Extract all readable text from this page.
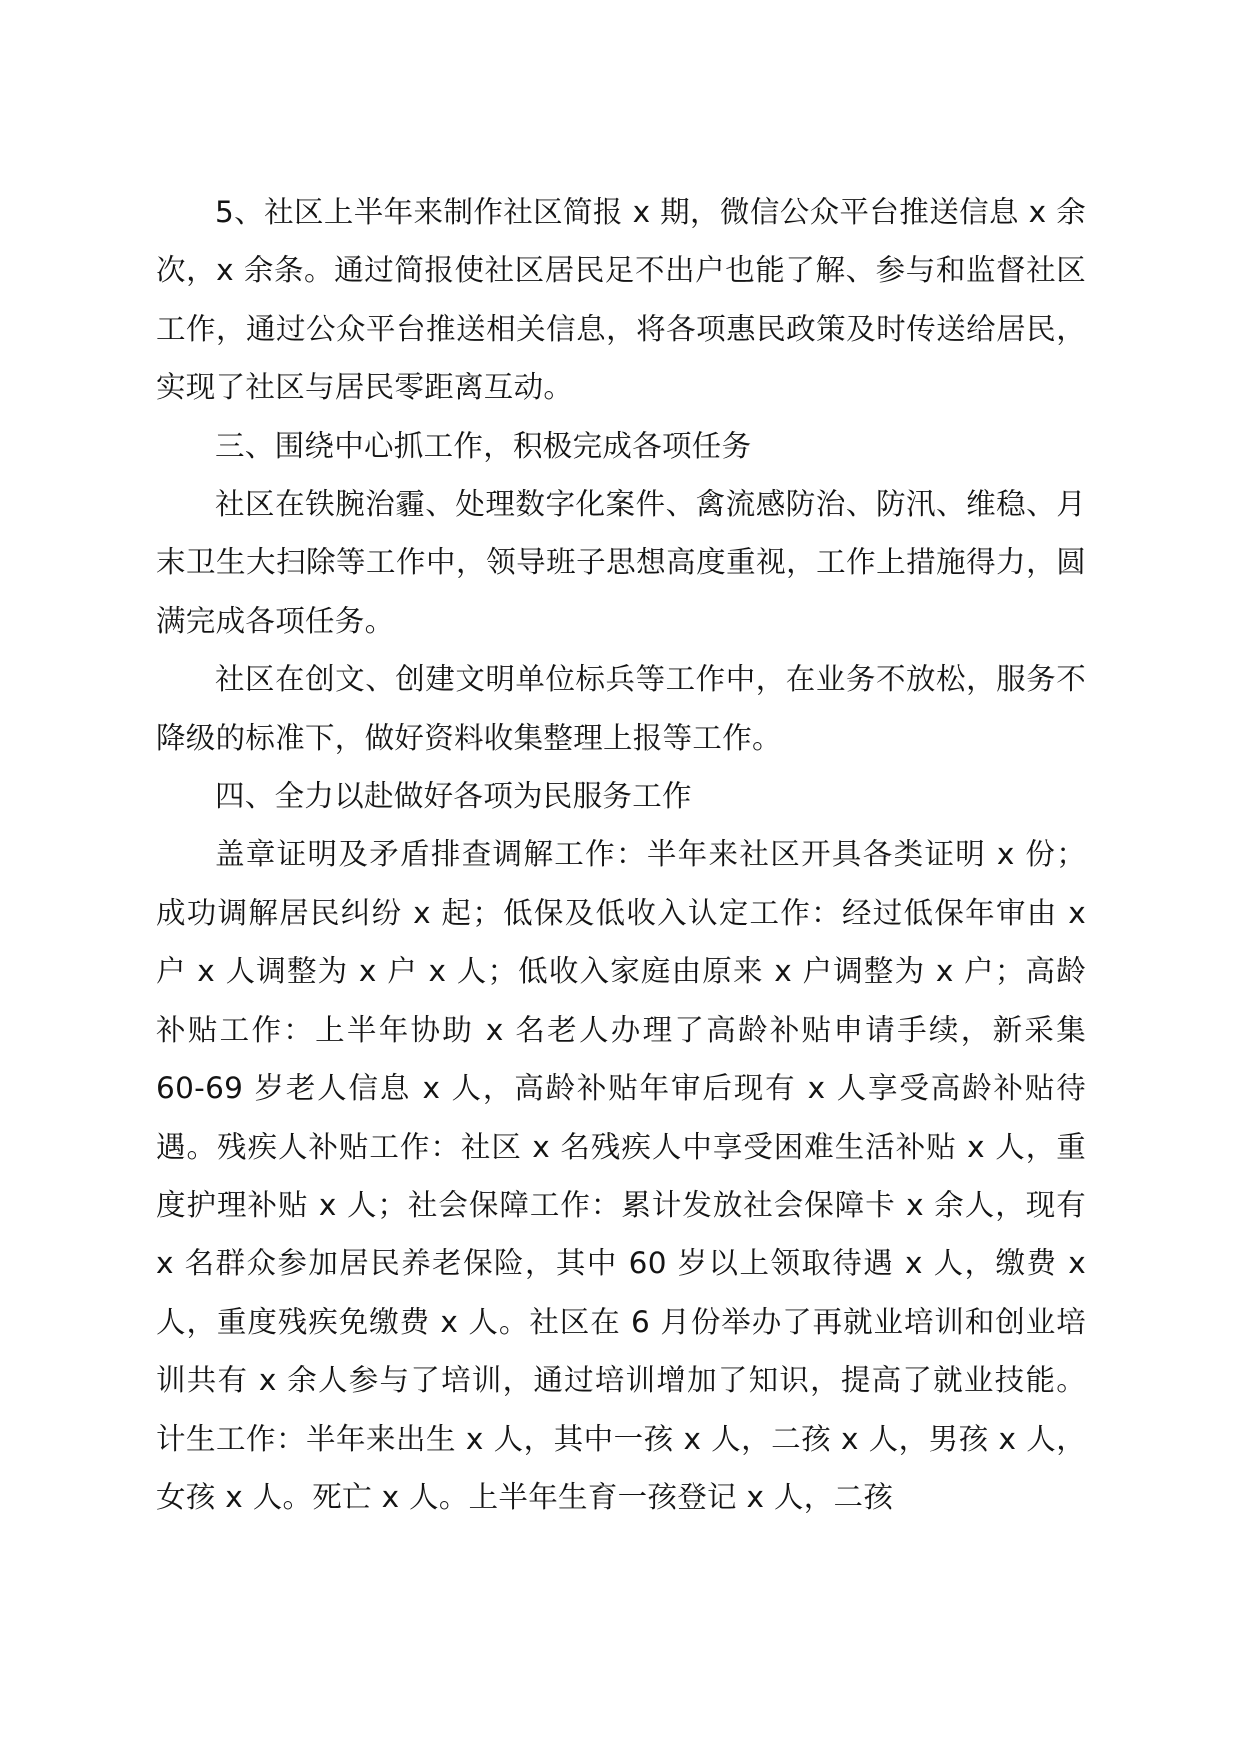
5、社区上半年来制作社区简报 x 期，微信公众平台推送信息 x 余次，x 余条。通过简报使社区居民足不出户也能了解、参与和监督社区工作，通过公众平台推送相关信息，将各项惠民政策及时传送给居民，实现了社区与居民零距离互动。

三、围绕中心抓工作，积极完成各项任务

社区在铁腕治霾、处理数字化案件、禽流感防治、防汛、维稳、月末卫生大扫除等工作中，领导班子思想高度重视，工作上措施得力，圆满完成各项任务。

社区在创文、创建文明单位标兵等工作中，在业务不放松，服务不降级的标准下，做好资料收集整理上报等工作。

四、全力以赴做好各项为民服务工作

盖章证明及矛盾排查调解工作：半年来社区开具各类证明 x 份；成功调解居民纠纷 x 起；低保及低收入认定工作：经过低保年审由 x 户 x 人调整为 x 户 x 人；低收入家庭由原来 x 户调整为 x 户；高龄补贴工作：上半年协助 x 名老人办理了高龄补贴申请手续，新采集 60-69 岁老人信息 x 人，高龄补贴年审后现有 x 人享受高龄补贴待遇。残疾人补贴工作：社区 x 名残疾人中享受困难生活补贴 x 人，重度护理补贴 x 人；社会保障工作：累计发放社会保障卡 x 余人，现有 x 名群众参加居民养老保险，其中 60 岁以上领取待遇 x 人，缴费 x 人，重度残疾免缴费 x 人。社区在 6 月份举办了再就业培训和创业培训共有 x 余人参与了培训，通过培训增加了知识，提高了就业技能。计生工作：半年来出生 x 人，其中一孩 x 人，二孩 x 人，男孩 x 人，女孩 x 人。死亡 x 人。上半年生育一孩登记 x 人，二孩
